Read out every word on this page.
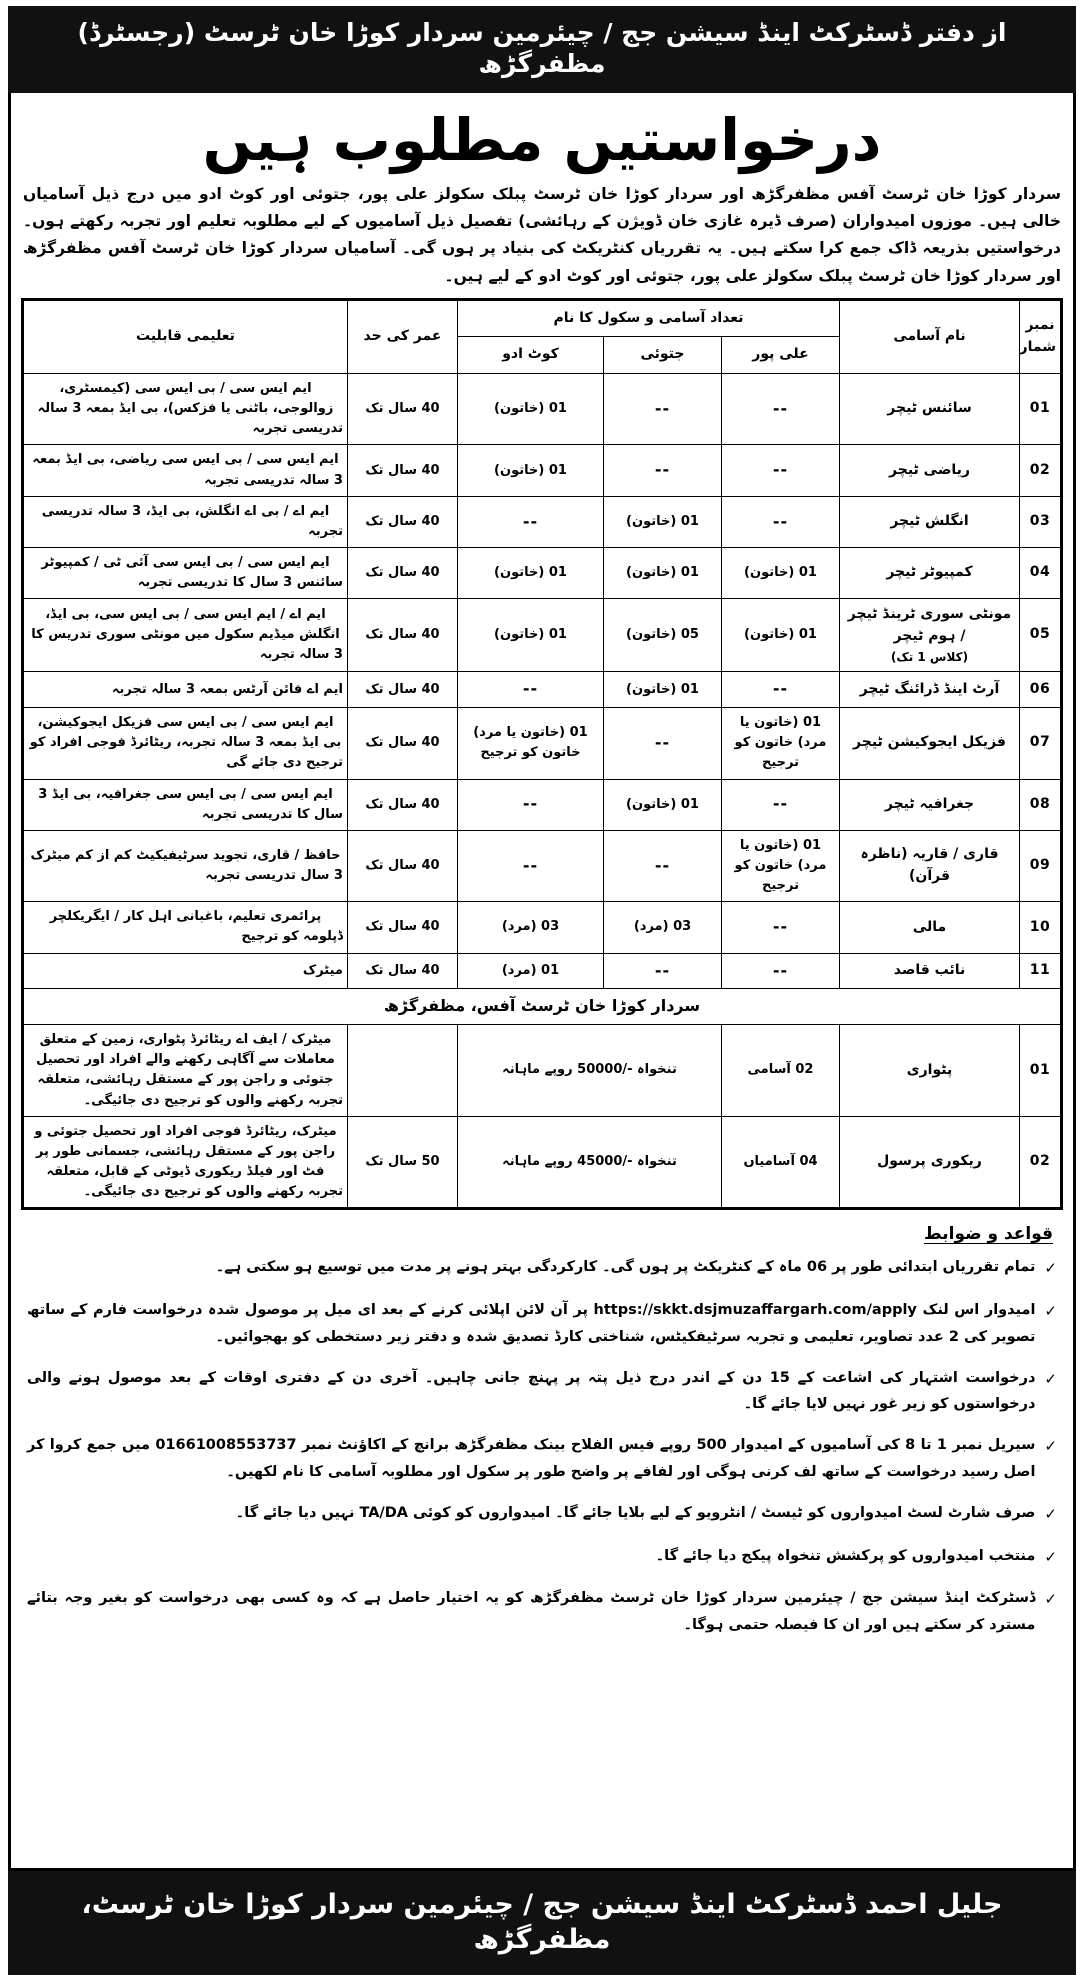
از دفتر ڈسٹرکٹ اینڈ سیشن جج / چیئرمین سردار کوڑا خان ٹرسٹ (رجسٹرڈ) مظفرگڑھ
درخواستیں مطلوب ہیں
سردار کوڑا خان ٹرسٹ آفس مظفرگڑھ اور سردار کوڑا خان ٹرسٹ پبلک سکولز علی پور، جتوئی اور کوٹ ادو میں درج ذیل آسامیاں خالی ہیں۔ موزوں امیدواران (صرف ڈیرہ غازی خان ڈویژن کے رہائشی) تفصیل ذیل آسامیوں کے لیے مطلوبہ تعلیم اور تجربہ رکھتے ہوں۔ درخواستیں بذریعہ ڈاک جمع کرا سکتے ہیں۔ یہ تقرریاں کنٹریکٹ کی بنیاد پر ہوں گی۔ آسامیاں سردار کوڑا خان ٹرسٹ آفس مظفرگڑھ اور سردار کوڑا خان ٹرسٹ پبلک سکولز علی پور، جتوئی اور کوٹ ادو کے لیے ہیں۔
نمبر شمار	نام آسامی	تعداد آسامی و سکول کا نام			عمر کی حد	تعلیمی قابلیت
		علی پور	جتوئی	کوٹ ادو		
01	سائنس ٹیچر	--	--	01 (خاتون)	40 سال تک	ایم ایس سی / بی ایس سی (کیمسٹری، زوالوجی، باٹنی یا فزکس)، بی ایڈ بمعہ 3 سالہ تدریسی تجربہ
02	ریاضی ٹیچر	--	--	01 (خاتون)	40 سال تک	ایم ایس سی / بی ایس سی ریاضی، بی ایڈ بمعہ 3 سالہ تدریسی تجربہ
03	انگلش ٹیچر	--	01 (خاتون)	--	40 سال تک	ایم اے / بی اے انگلش، بی ایڈ، 3 سالہ تدریسی تجربہ
04	کمپیوٹر ٹیچر	01 (خاتون)	01 (خاتون)	01 (خاتون)	40 سال تک	ایم ایس سی / بی ایس سی آئی ٹی / کمپیوٹر سائنس 3 سال کا تدریسی تجربہ
05	مونٹی سوری ٹرینڈ ٹیچر / ہوم ٹیچر
(کلاس 1 تک)	01 (خاتون)	05 (خاتون)	01 (خاتون)	40 سال تک	ایم اے / ایم ایس سی / بی ایس سی، بی ایڈ، انگلش میڈیم سکول میں مونٹی سوری تدریس کا 3 سالہ تجربہ
06	آرٹ اینڈ ڈرائنگ ٹیچر	--	01 (خاتون)	--	40 سال تک	ایم اے فائن آرٹس بمعہ 3 سالہ تجربہ
07	فزیکل ایجوکیشن ٹیچر	01 (خاتون یا مرد) خاتون کو ترجیح	--	01 (خاتون یا مرد) خاتون کو ترجیح	40 سال تک	ایم ایس سی / بی ایس سی فزیکل ایجوکیشن، بی ایڈ بمعہ 3 سالہ تجربہ، ریٹائرڈ فوجی افراد کو ترجیح دی جائے گی
08	جغرافیہ ٹیچر	--	01 (خاتون)	--	40 سال تک	ایم ایس سی / بی ایس سی جغرافیہ، بی ایڈ 3 سال کا تدریسی تجربہ
09	قاری / قاریہ (ناظرہ قرآن)	01 (خاتون یا مرد) خاتون کو ترجیح	--	--	40 سال تک	حافظ / قاری، تجوید سرٹیفیکیٹ کم از کم میٹرک 3 سال تدریسی تجربہ
10	مالی	--	03 (مرد)	03 (مرد)	40 سال تک	پرائمری تعلیم، باغبانی اہل کار / ایگریکلچر ڈپلومہ کو ترجیح
11	نائب قاصد	--	--	01 (مرد)	40 سال تک	میٹرک
سردار کوڑا خان ٹرسٹ آفس، مظفرگڑھ						
01	پٹواری	02 آسامی	تنخواہ -/50000 روپے ماہانہ			میٹرک / ایف اے ریٹائرڈ پٹواری، زمین کے متعلق معاملات سے آگاہی رکھنے والے افراد اور تحصیل جتوئی و راجن پور کے مستقل رہائشی، متعلقہ تجربہ رکھنے والوں کو ترجیح دی جائیگی۔
02	ریکوری پرسول	04 آسامیاں	تنخواہ -/45000 روپے ماہانہ		50 سال تک	میٹرک، ریٹائرڈ فوجی افراد اور تحصیل جتوئی و راجن پور کے مستقل رہائشی، جسمانی طور پر فٹ اور فیلڈ ریکوری ڈیوٹی کے قابل، متعلقہ تجربہ رکھنے والوں کو ترجیح دی جائیگی۔
قواعد و ضوابط
✓
تمام تقرریاں ابتدائی طور پر 06 ماہ کے کنٹریکٹ پر ہوں گی۔ کارکردگی بہتر ہونے پر مدت میں توسیع ہو سکتی ہے۔
✓
امیدوار اس لنک https://skkt.dsjmuzaffargarh.com/apply پر آن لائن اپلائی کرنے کے بعد ای میل پر موصول شدہ درخواست فارم کے ساتھ تصویر کی 2 عدد تصاویر، تعلیمی و تجربہ سرٹیفکیٹس، شناختی کارڈ تصدیق شدہ و دفتر زیر دستخطی کو بھجوائیں۔
✓
درخواست اشتہار کی اشاعت کے 15 دن کے اندر درج ذیل پتہ پر پہنچ جانی چاہیں۔ آخری دن کے دفتری اوقات کے بعد موصول ہونے والی درخواستوں کو زیر غور نہیں لایا جائے گا۔
✓
سیریل نمبر 1 تا 8 کی آسامیوں کے امیدوار 500 روپے فیس الفلاح بینک مظفرگڑھ برانچ کے اکاؤنٹ نمبر 01661008553737 میں جمع کروا کر اصل رسید درخواست کے ساتھ لف کرنی ہوگی اور لفافے پر واضح طور پر سکول اور مطلوبہ آسامی کا نام لکھیں۔
✓
صرف شارٹ لسٹ امیدواروں کو ٹیسٹ / انٹرویو کے لیے بلایا جائے گا۔ امیدواروں کو کوئی TA/DA نہیں دیا جائے گا۔
✓
منتخب امیدواروں کو پرکشش تنخواہ پیکج دیا جائے گا۔
✓
ڈسٹرکٹ اینڈ سیشن جج / چیئرمین سردار کوڑا خان ٹرسٹ مظفرگڑھ کو یہ اختیار حاصل ہے کہ وہ کسی بھی درخواست کو بغیر وجہ بتائے مسترد کر سکتے ہیں اور ان کا فیصلہ حتمی ہوگا۔
جلیل احمد ڈسٹرکٹ اینڈ سیشن جج / چیئرمین سردار کوڑا خان ٹرسٹ، مظفرگڑھ
